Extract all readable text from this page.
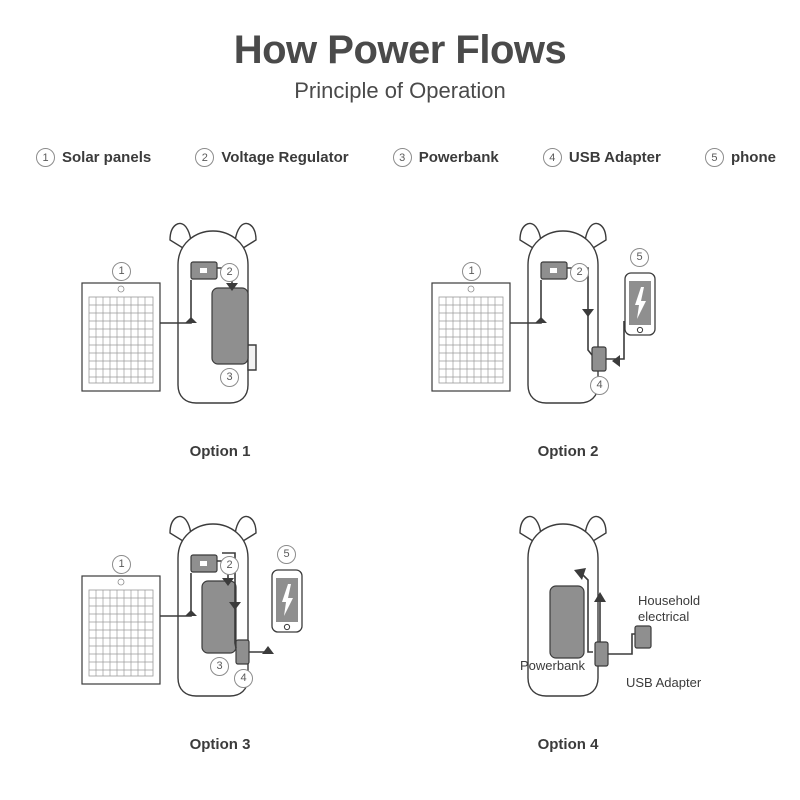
How Power Flows
Principle of Operation
1 Solar panels	2 Voltage Regulator	3 Powerbank	4 USB Adapter	5 phone
1	2
3
Option 1
1	2
5
4
Option 2
1	2
3
5
4
Option 3
Powerbank
Household
electrical
USB Adapter
Option 4
